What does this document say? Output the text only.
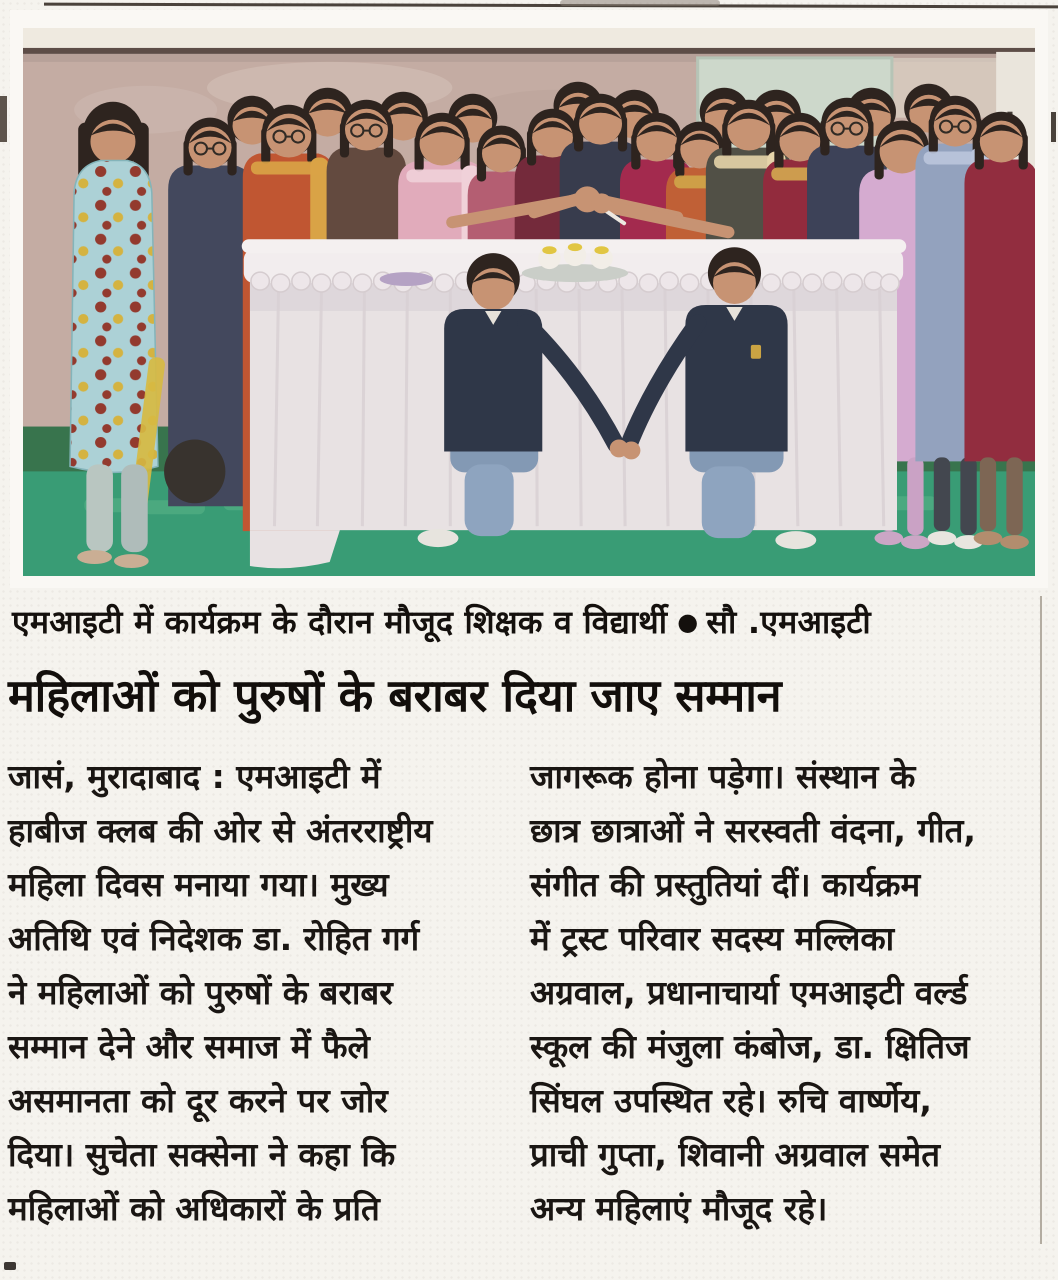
एमआइटी में कार्यक्रम के दौरान मौजूद शिक्षक व विद्यार्थी ● सौ .एमआइटी
महिलाओं को पुरुषों के बराबर दिया जाए सम्मान
जासं, मुरादाबाद : एमआइटी में
हाबीज क्लब की ओर से अंतरराष्ट्रीय
महिला दिवस मनाया गया। मुख्य
अतिथि एवं निदेशक डा. रोहित गर्ग
ने महिलाओं को पुरुषों के बराबर
सम्मान देने और समाज में फैले
असमानता को दूर करने पर जोर
दिया। सुचेता सक्सेना ने कहा कि
महिलाओं को अधिकारों के प्रति
जागरूक होना पड़ेगा। संस्थान के
छात्र छात्राओं ने सरस्वती वंदना, गीत,
संगीत की प्रस्तुतियां दीं। कार्यक्रम
में ट्रस्ट परिवार सदस्य मल्लिका
अग्रवाल, प्रधानाचार्या एमआइटी वर्ल्ड
स्कूल की मंजुला कंबोज, डा. क्षितिज
सिंघल उपस्थित रहे। रुचि वार्ष्णेय,
प्राची गुप्ता, शिवानी अग्रवाल समेत
अन्य महिलाएं मौजूद रहे।
